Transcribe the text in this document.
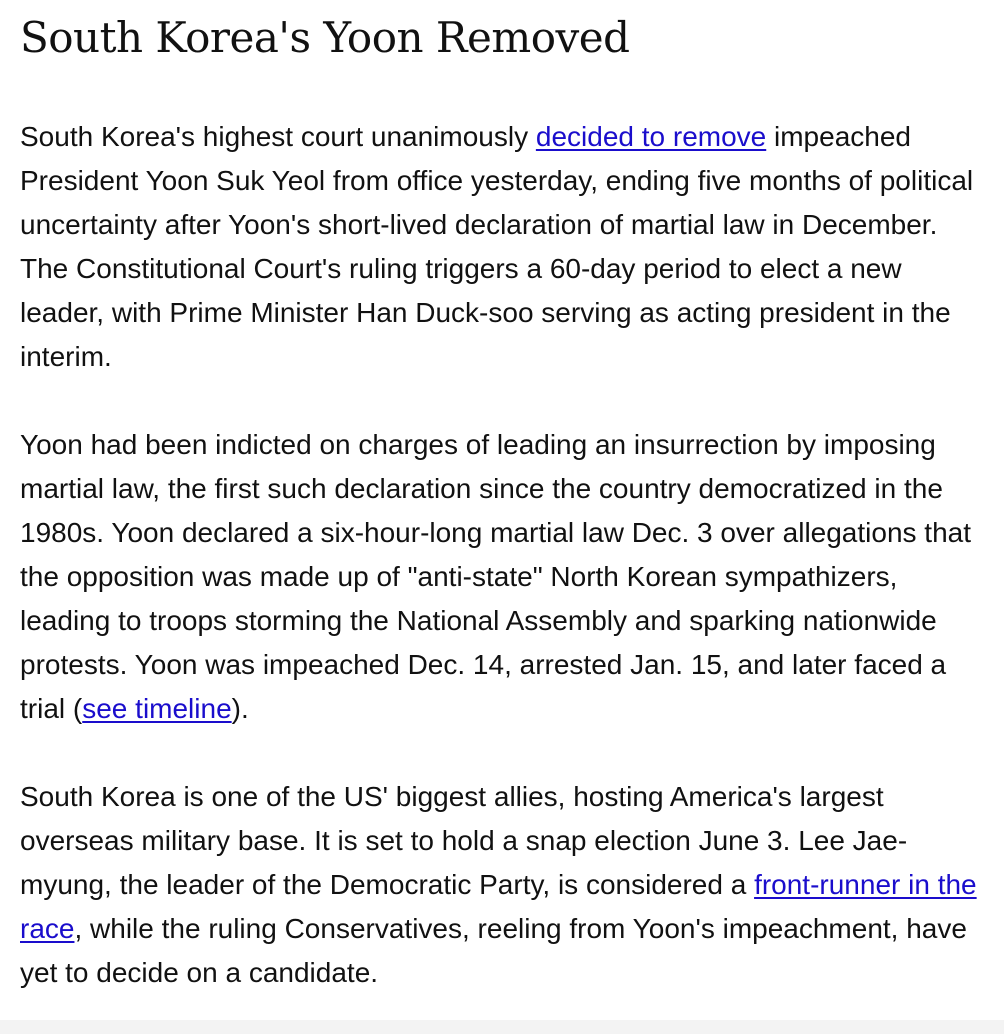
South Korea's Yoon Removed

South Korea's highest court unanimously decided to remove impeached President Yoon Suk Yeol from office yesterday, ending five months of political uncertainty after Yoon's short-lived declaration of martial law in December. The Constitutional Court's ruling triggers a 60-day period to elect a new leader, with Prime Minister Han Duck-soo serving as acting president in the interim.

Yoon had been indicted on charges of leading an insurrection by imposing martial law, the first such declaration since the country democratized in the 1980s. Yoon declared a six-hour-long martial law Dec. 3 over allegations that the opposition was made up of "anti-state" North Korean sympathizers, leading to troops storming the National Assembly and sparking nationwide protests. Yoon was impeached Dec. 14, arrested Jan. 15, and later faced a trial (see timeline).

South Korea is one of the US' biggest allies, hosting America's largest overseas military base. It is set to hold a snap election June 3. Lee Jae-myung, the leader of the Democratic Party, is considered a front-runner in the race, while the ruling Conservatives, reeling from Yoon's impeachment, have yet to decide on a candidate.
